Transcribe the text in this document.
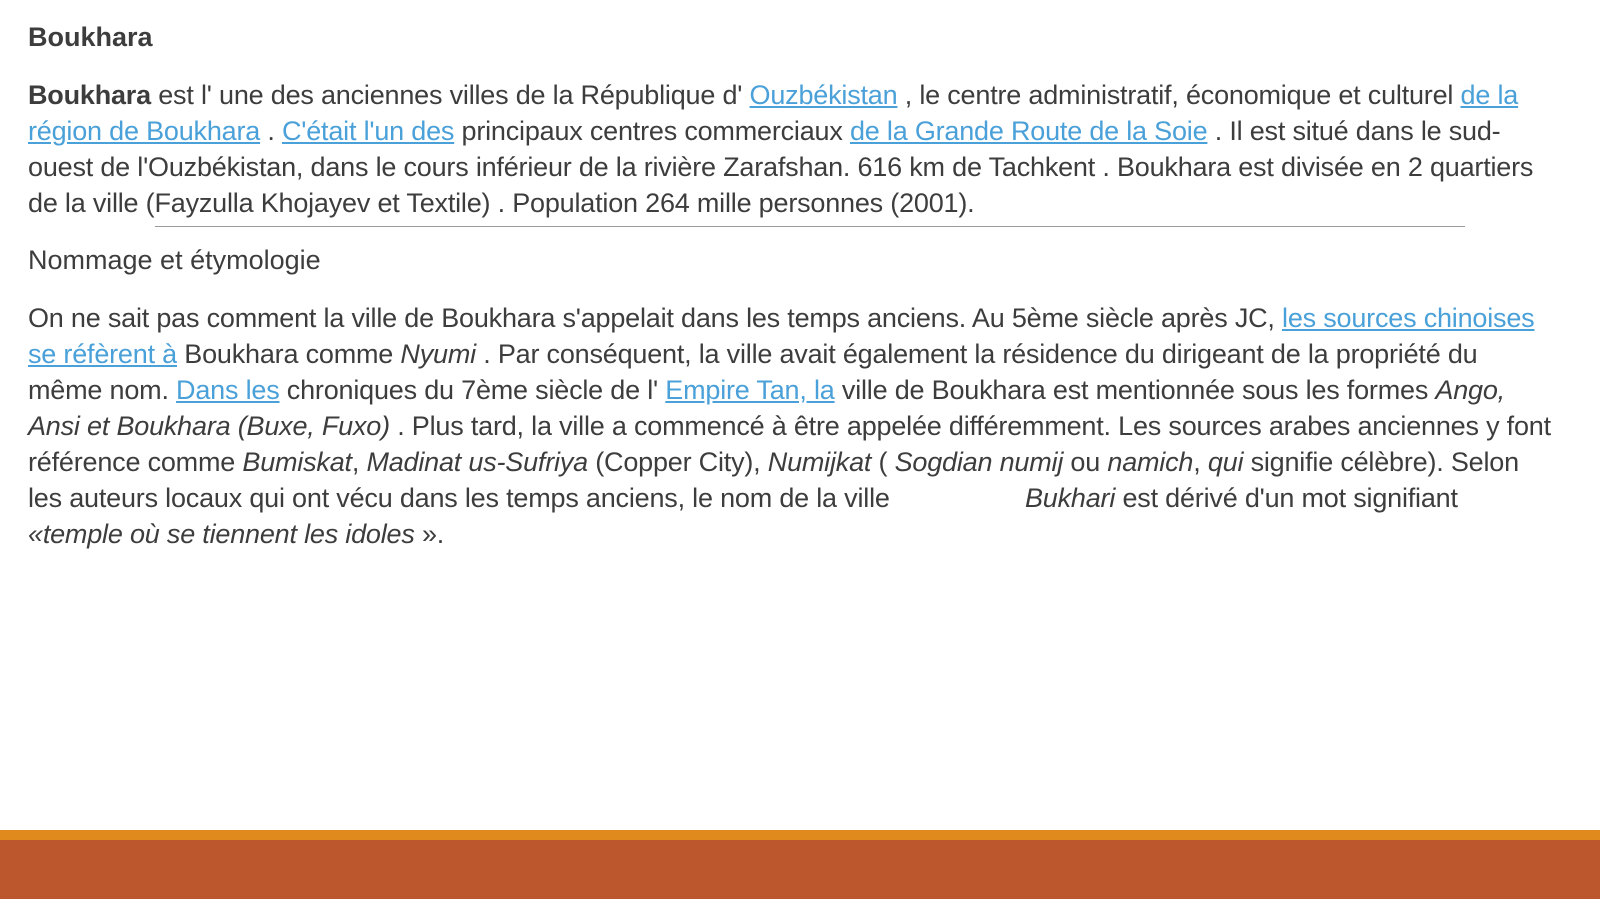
Boukhara
Boukhara est l' une des anciennes villes de la République d' Ouzbékistan , le centre administratif, économique et culturel de la région de Boukhara . C'était l'un des principaux centres commerciaux de la Grande Route de la Soie . Il est situé dans le sud-ouest de l'Ouzbékistan, dans le cours inférieur de la rivière Zarafshan. 616 km de Tachkent . Boukhara est divisée en 2 quartiers de la ville (Fayzulla Khojayev et Textile) . Population 264 mille personnes (2001).
Nommage et étymologie
On ne sait pas comment la ville de Boukhara s'appelait dans les temps anciens. Au 5ème siècle après JC, les sources chinoises se réfèrent à Boukhara comme Nyumi . Par conséquent, la ville avait également la résidence du dirigeant de la propriété du même nom. Dans les chroniques du 7ème siècle de l' Empire Tan, la ville de Boukhara est mentionnée sous les formes Ango, Ansi et Boukhara (Buxe, Fuxo) . Plus tard, la ville a commencé à être appelée différemment. Les sources arabes anciennes y font référence comme Bumiskat, Madinat us-Sufriya (Copper City), Numijkat ( Sogdian numij ou namich, qui signifie célèbre). Selon les auteurs locaux qui ont vécu dans les temps anciens, le nom de la ville	Bukhari est dérivé d'un mot signifiant «temple où se tiennent les idoles ».
